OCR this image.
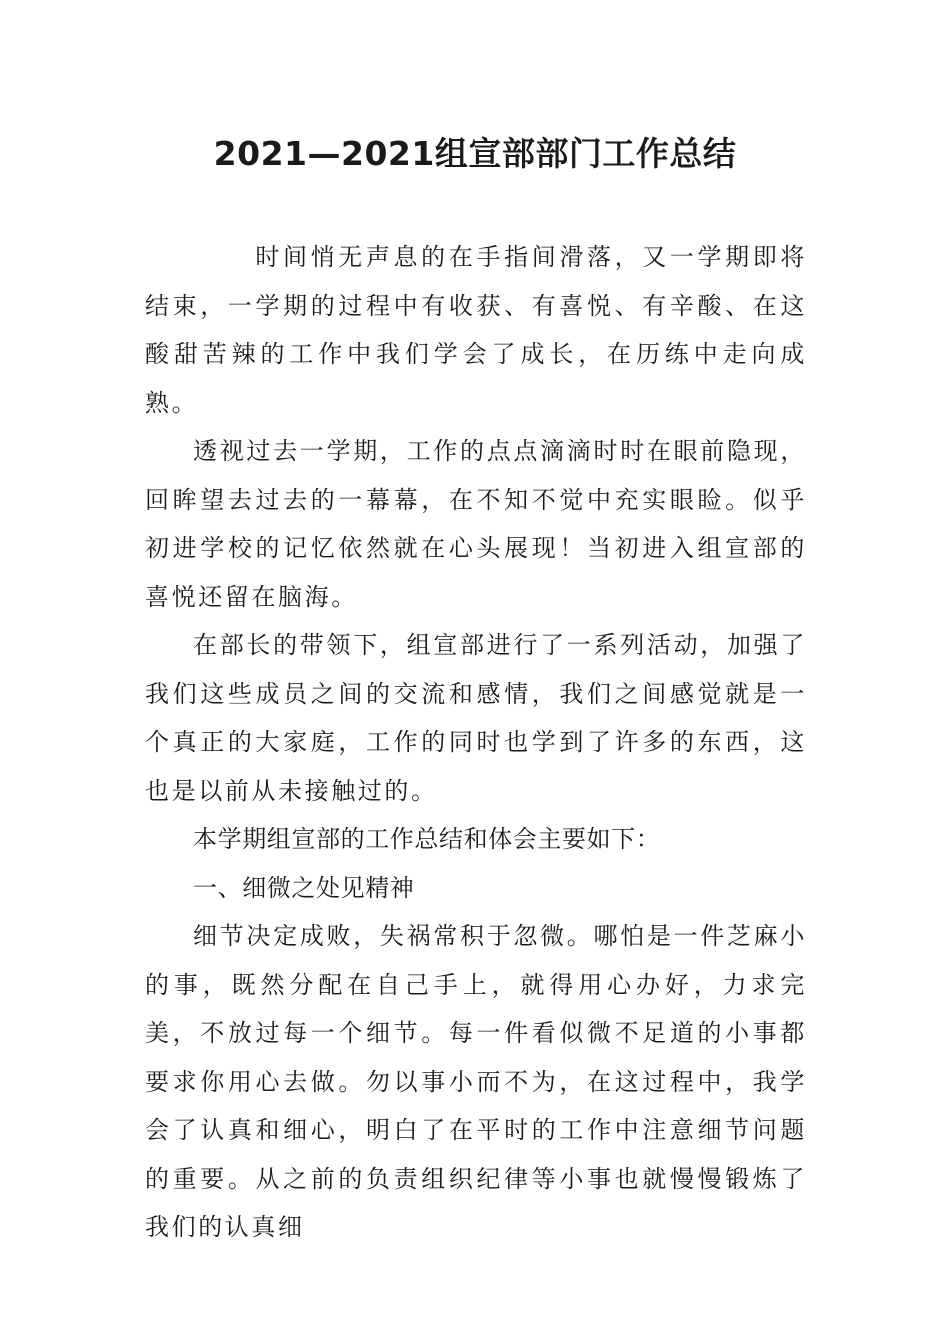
2021—2021组宣部部门工作总结

时间悄无声息的在手指间滑落，又一学期即将结束，一学期的过程中有收获、有喜悦、有辛酸、在这酸甜苦辣的工作中我们学会了成长，在历练中走向成熟。

透视过去一学期，工作的点点滴滴时时在眼前隐现，回眸望去过去的一幕幕，在不知不觉中充实眼睑。似乎初进学校的记忆依然就在心头展现！当初进入组宣部的喜悦还留在脑海。

在部长的带领下，组宣部进行了一系列活动，加强了我们这些成员之间的交流和感情，我们之间感觉就是一个真正的大家庭，工作的同时也学到了许多的东西，这也是以前从未接触过的。

本学期组宣部的工作总结和体会主要如下：

一、细微之处见精神

细节决定成败，失祸常积于忽微。哪怕是一件芝麻小的事，既然分配在自己手上，就得用心办好，力求完美，不放过每一个细节。每一件看似微不足道的小事都要求你用心去做。勿以事小而不为，在这过程中，我学会了认真和细心，明白了在平时的工作中注意细节问题的重要。从之前的负责组织纪律等小事也就慢慢锻炼了我们的认真细
